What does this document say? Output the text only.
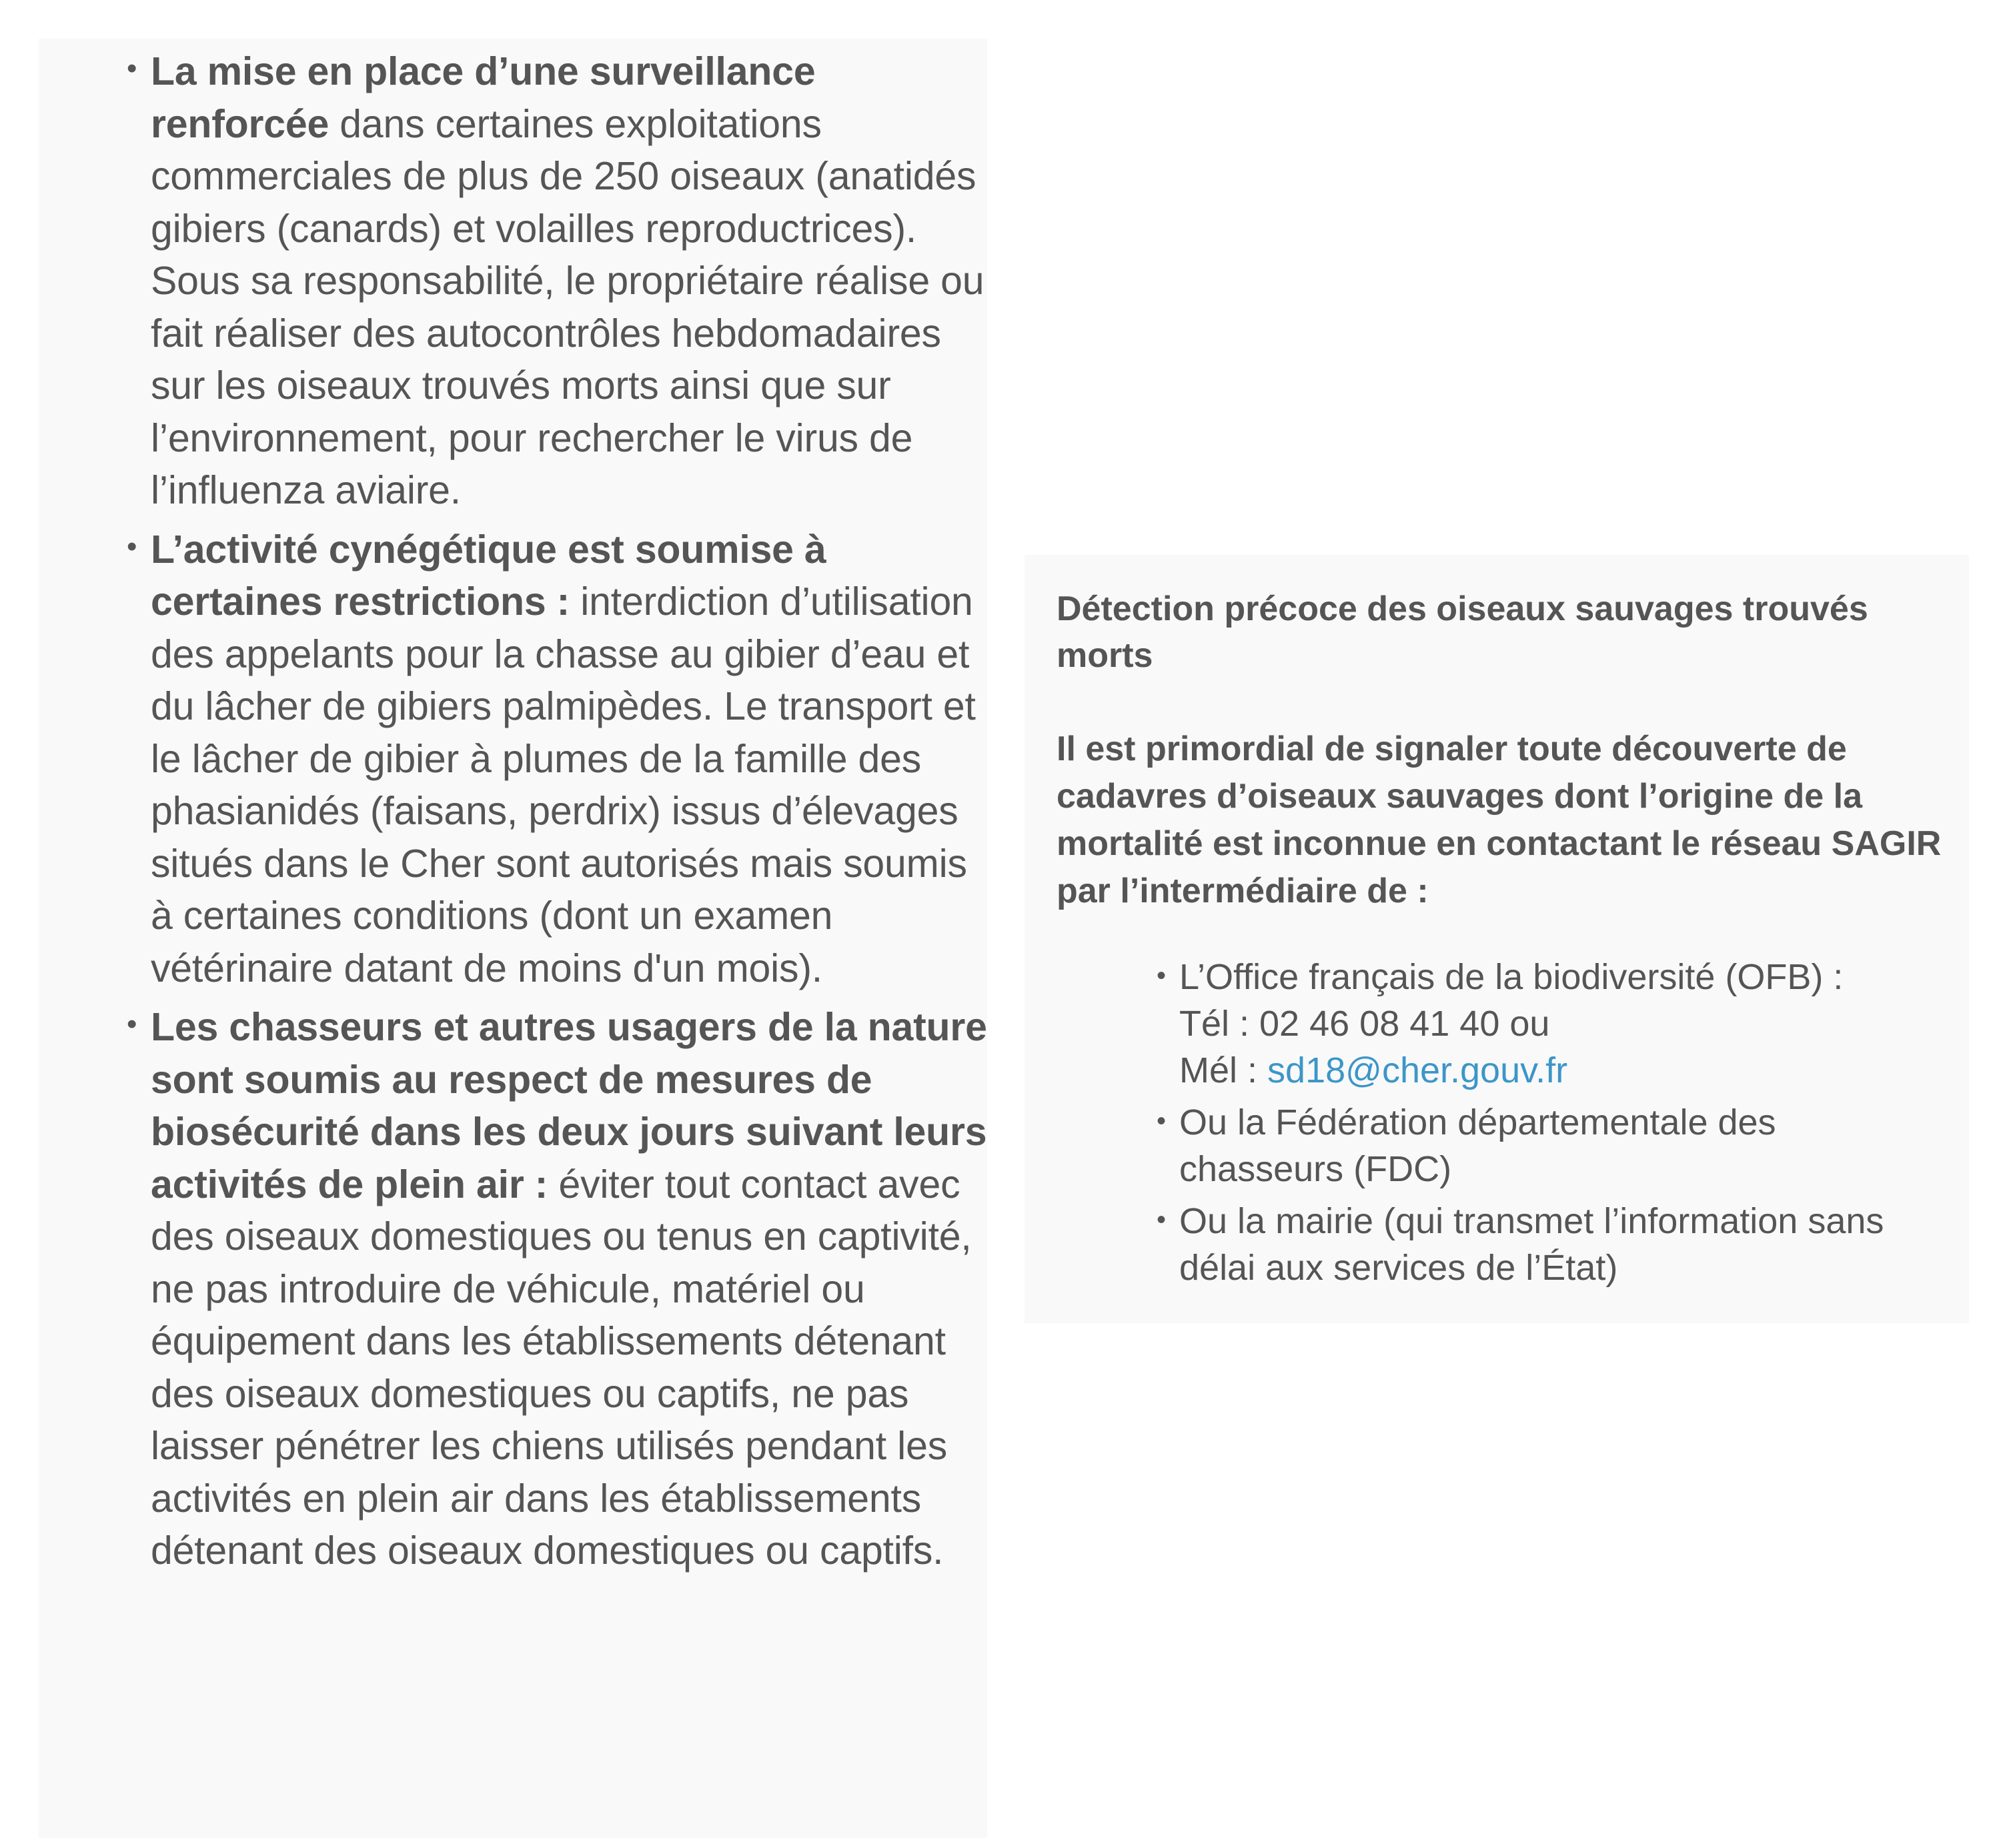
• La mise en place d’une surveillance renforcée dans certaines exploitations commerciales de plus de 250 oiseaux (anatidés gibiers (canards) et volailles reproductrices). Sous sa responsabilité, le propriétaire réalise ou fait réaliser des autocontrôles hebdomadaires sur les oiseaux trouvés morts ainsi que sur l’environnement, pour rechercher le virus de l’influenza aviaire.
• L’activité cynégétique est soumise à certaines restrictions : interdiction d’utilisation des appelants pour la chasse au gibier d’eau et du lâcher de gibiers palmipèdes. Le transport et le lâcher de gibier à plumes de la famille des phasianidés (faisans, perdrix) issus d’élevages situés dans le Cher sont autorisés mais soumis à certaines conditions (dont un examen vétérinaire datant de moins d'un mois).
• Les chasseurs et autres usagers de la nature sont soumis au respect de mesures de biosécurité dans les deux jours suivant leurs activités de plein air : éviter tout contact avec des oiseaux domestiques ou tenus en captivité, ne pas introduire de véhicule, matériel ou équipement dans les établissements détenant des oiseaux domestiques ou captifs, ne pas laisser pénétrer les chiens utilisés pendant les activités en plein air dans les établissements détenant des oiseaux domestiques ou captifs.
Détection précoce des oiseaux sauvages trouvés morts
Il est primordial de signaler toute découverte de cadavres d’oiseaux sauvages dont l’origine de la mortalité est inconnue en contactant le réseau SAGIR par l’intermédiaire de :
• L’Office français de la biodiversité (OFB) :
Tél : 02 46 08 41 40 ou
Mél : sd18@cher.gouv.fr
• Ou la Fédération départementale des chasseurs (FDC)
• Ou la mairie (qui transmet l’information sans délai aux services de l’État)
